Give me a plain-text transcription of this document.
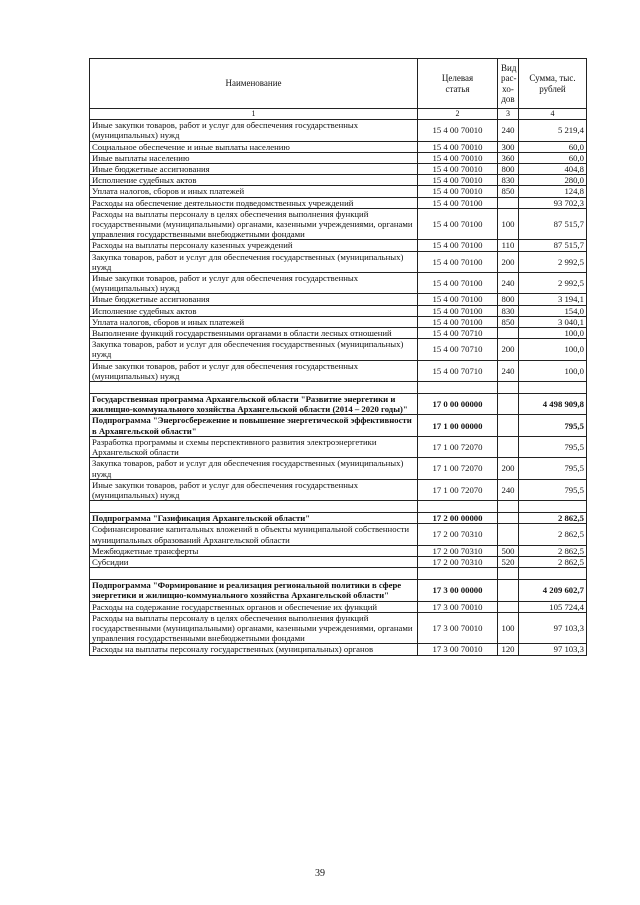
Наименование	Целевая статья	Вид рас-хо-дов	Сумма, тыс. рублей
1	2	3	4
Иные закупки товаров, работ и услуг для обеспечения государственных (муниципальных) нужд	15 4 00 70010	240	5 219,4
Социальное обеспечение и иные выплаты населению	15 4 00 70010	300	60,0
Иные выплаты населению	15 4 00 70010	360	60,0
Иные бюджетные ассигнования	15 4 00 70010	800	404,8
Исполнение судебных актов	15 4 00 70010	830	280,0
Уплата налогов, сборов и иных платежей	15 4 00 70010	850	124,8
Расходы на обеспечение деятельности подведомственных учреждений	15 4 00 70100		93 702,3
Расходы на выплаты персоналу в целях обеспечения выполнения функций государственными (муниципальными) органами, казенными учреждениями, органами управления государственными внебюджетными фондами	15 4 00 70100	100	87 515,7
Расходы на выплаты персоналу казенных учреждений	15 4 00 70100	110	87 515,7
Закупка товаров, работ и услуг для обеспечения государственных (муниципальных) нужд	15 4 00 70100	200	2 992,5
Иные закупки товаров, работ и услуг для обеспечения государственных (муниципальных) нужд	15 4 00 70100	240	2 992,5
Иные бюджетные ассигнования	15 4 00 70100	800	3 194,1
Исполнение судебных актов	15 4 00 70100	830	154,0
Уплата налогов, сборов и иных платежей	15 4 00 70100	850	3 040,1
Выполнение функций государственными органами в области лесных отношений	15 4 00 70710		100,0
Закупка товаров, работ и услуг для обеспечения государственных (муниципальных) нужд	15 4 00 70710	200	100,0
Иные закупки товаров, работ и услуг для обеспечения государственных (муниципальных) нужд	15 4 00 70710	240	100,0

Государственная программа Архангельской области "Развитие энергетики и жилищно-коммунального хозяйства Архангельской области (2014 – 2020 годы)"	17 0 00 00000		4 498 909,8
Подпрограмма "Энергосбережение и повышение энергетической эффективности в Архангельской области"	17 1 00 00000		795,5
Разработка программы и схемы перспективного развития электроэнергетики Архангельской области	17 1 00 72070		795,5
Закупка товаров, работ и услуг для обеспечения государственных (муниципальных) нужд	17 1 00 72070	200	795,5
Иные закупки товаров, работ и услуг для обеспечения государственных (муниципальных) нужд	17 1 00 72070	240	795,5

Подпрограмма "Газификация Архангельской области"	17 2 00 00000		2 862,5
Софинансирование капитальных вложений в объекты муниципальной собственности муниципальных образований Архангельской области	17 2 00 70310		2 862,5
Межбюджетные трансферты	17 2 00 70310	500	2 862,5
Субсидии	17 2 00 70310	520	2 862,5

Подпрограмма "Формирование и реализация региональной политики в сфере энергетики и жилищно-коммунального хозяйства Архангельской области"	17 3 00 00000		4 209 602,7
Расходы на содержание государственных органов и обеспечение их функций	17 3 00 70010		105 724,4
Расходы на выплаты персоналу в целях обеспечения выполнения функций государственными (муниципальными) органами, казенными учреждениями, органами управления государственными внебюджетными фондами	17 3 00 70010	100	97 103,3
Расходы на выплаты персоналу государственных (муниципальных) органов	17 3 00 70010	120	97 103,3
39
